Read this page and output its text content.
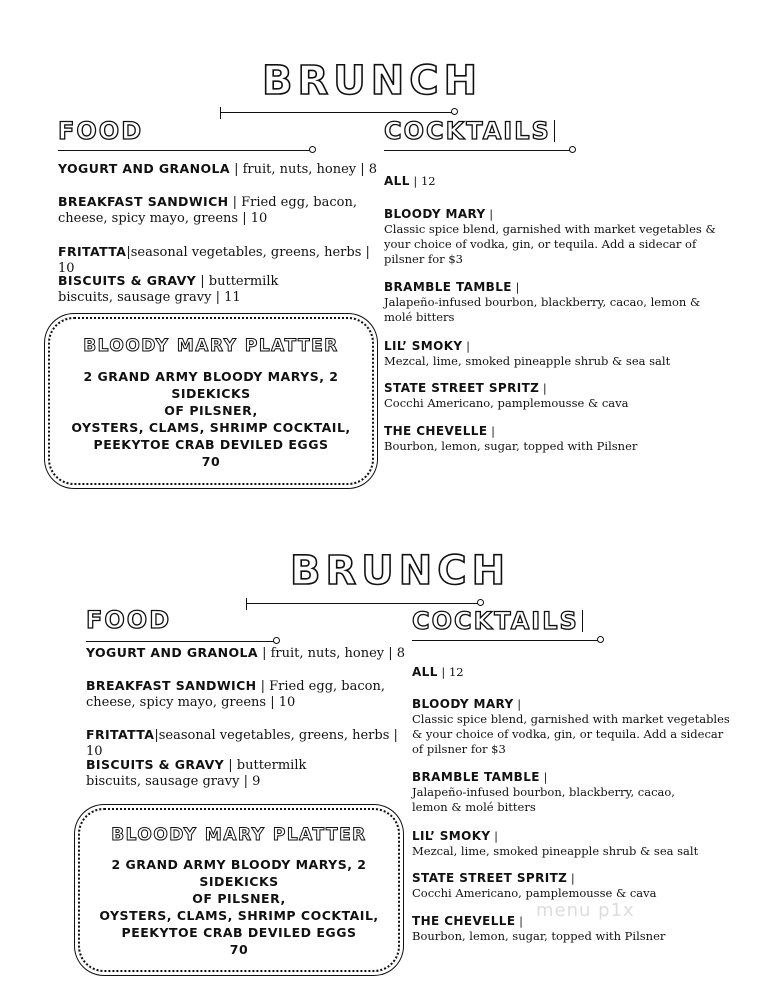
BRUNCH
FOOD	COCKTAILS
YOGURT AND GRANOLA | fruit, nuts, honey | 8
BREAKFAST SANDWICH | Fried egg, bacon, cheese, spicy mayo, greens | 10
FRITATTA|seasonal vegetables, greens, herbs | 10
BISCUITS & GRAVY | buttermilk biscuits, sausage gravy | 11
BLOODY MARY PLATTER
2 GRAND ARMY BLOODY MARYS, 2 SIDEKICKS
OF PILSNER,
OYSTERS, CLAMS, SHRIMP COCKTAIL,
PEEKYTOE CRAB DEVILED EGGS
70
ALL | 12
BLOODY MARY |
Classic spice blend, garnished with market vegetables & your choice of vodka, gin, or tequila. Add a sidecar of pilsner for $3
BRAMBLE TAMBLE |
Jalapeño-infused bourbon, blackberry, cacao, lemon & molé bitters
LIL’ SMOKY |
Mezcal, lime, smoked pineapple shrub & sea salt
STATE STREET SPRITZ |
Cocchi Americano, pamplemousse & cava
THE CHEVELLE |
Bourbon, lemon, sugar, topped with Pilsner
BRUNCH
FOOD	COCKTAILS
YOGURT AND GRANOLA | fruit, nuts, honey | 8
BREAKFAST SANDWICH | Fried egg, bacon, cheese, spicy mayo, greens | 10
FRITATTA|seasonal vegetables, greens, herbs | 10
BISCUITS & GRAVY | buttermilk biscuits, sausage gravy | 9
BLOODY MARY PLATTER
2 GRAND ARMY BLOODY MARYS, 2 SIDEKICKS
OF PILSNER,
OYSTERS, CLAMS, SHRIMP COCKTAIL,
PEEKYTOE CRAB DEVILED EGGS
70
ALL | 12
BLOODY MARY |
Classic spice blend, garnished with market vegetables & your choice of vodka, gin, or tequila. Add a sidecar of pilsner for $3
BRAMBLE TAMBLE |
Jalapeño-infused bourbon, blackberry, cacao, lemon & molé bitters
LIL’ SMOKY |
Mezcal, lime, smoked pineapple shrub & sea salt
STATE STREET SPRITZ |
Cocchi Americano, pamplemousse & cava
THE CHEVELLE |
Bourbon, lemon, sugar, topped with Pilsner
menu p1x
